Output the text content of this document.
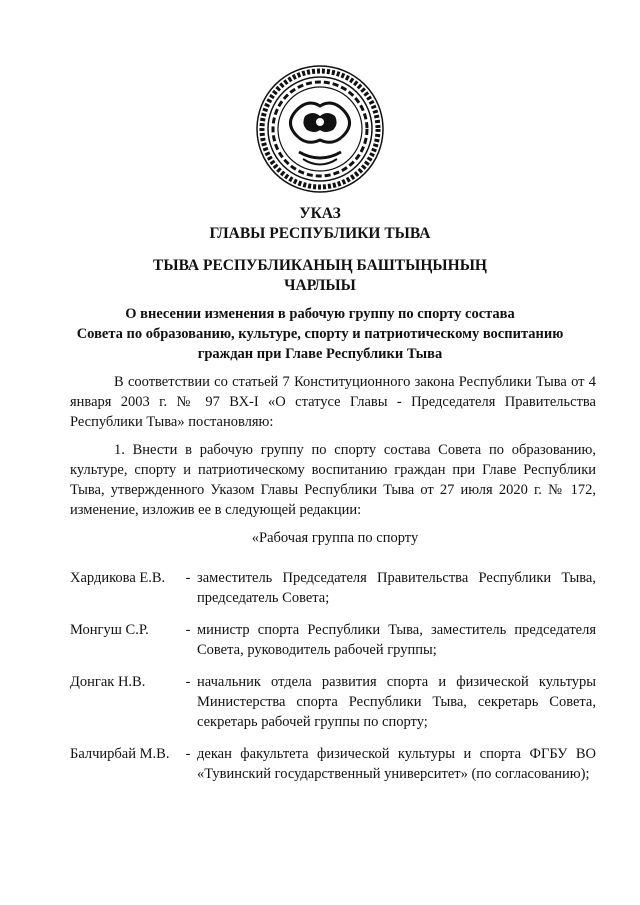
УКАЗ
ГЛАВЫ РЕСПУБЛИКИ ТЫВА
ТЫВА РЕСПУБЛИКАНЫҢ БАШТЫҢЫНЫҢ
ЧАРЛЫЫ
О внесении изменения в рабочую группу по спорту состава
Совета по образованию, культуре, спорту и патриотическому воспитанию
граждан при Главе Республики Тыва
В соответствии со статьей 7 Конституционного закона Республики Тыва от 4 января 2003 г. № 97 ВХ-I «О статусе Главы - Председателя Правительства Республики Тыва» постановляю:
1. Внести в рабочую группу по спорту состава Совета по образованию, культуре, спорту и патриотическому воспитанию граждан при Главе Республики Тыва, утвержденного Указом Главы Республики Тыва от 27 июля 2020 г. № 172, изменение, изложив ее в следующей редакции:
«Рабочая группа по спорту
Хардикова Е.В.	- заместитель Председателя Правительства Республики Тыва, председатель Совета;
Монгуш С.Р.	- министр спорта Республики Тыва, заместитель председателя Совета, руководитель рабочей группы;
Донгак Н.В.	- начальник отдела развития спорта и физической культуры Министерства спорта Республики Тыва, секретарь Совета, секретарь рабочей группы по спорту;
Балчирбай М.В.	- декан факультета физической культуры и спорта ФГБУ ВО «Тувинский государственный университет» (по согласованию);
